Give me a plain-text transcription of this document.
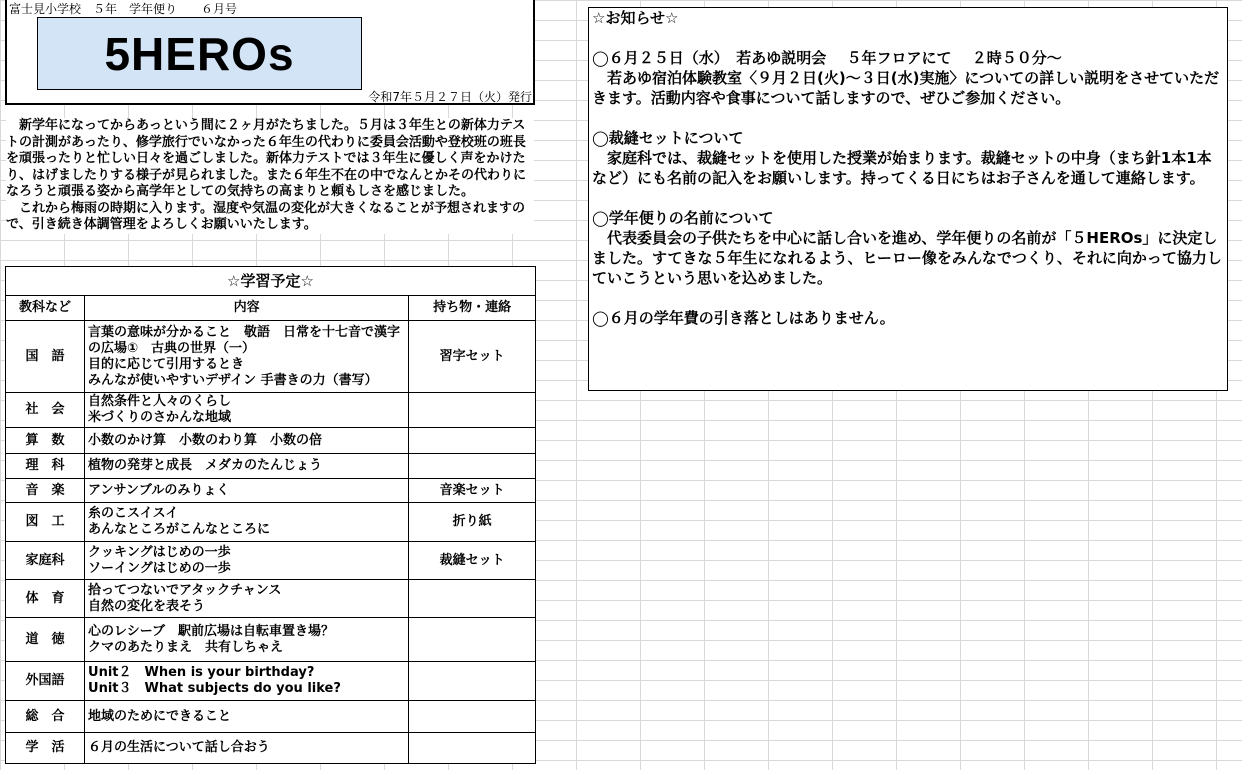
富士見小学校　５年　学年便り　　６月号
5HEROs
令和7年５月２７日（火）発行

新学年になってからあっという間に２ヶ月がたちました。５月は３年生との新体力テストの計測があったり、修学旅行でいなかった６年生の代わりに委員会活動や登校班の班長を頑張ったりと忙しい日々を過ごしました。新体力テストでは３年生に優しく声をかけたり、はげましたりする様子が見られました。また６年生不在の中でなんとかその代わりになろうと頑張る姿から高学年としての気持ちの高まりと頼もしさを感じました。

これから梅雨の時期に入ります。湿度や気温の変化が大きくなることが予想されますので、引き続き体調管理をよろしくお願いいたします。

☆学習予定☆		
教科など	内容	持ち物・連絡
国　語	言葉の意味が分かること　敬語　日常を十七音で漢字の広場①　古典の世界（一）
目的に応じて引用するとき
みんなが使いやすいデザイン 手書きの力（書写）	習字セット
社　会	自然条件と人々のくらし
米づくりのさかんな地域	

算　数	小数のかけ算　小数のわり算　小数の倍	
理　科	植物の発芽と成長　メダカのたんじょう	
音　楽	アンサンブルのみりょく	音楽セット
図　工	糸のこスイスイ
あんなところがこんなところに	折り紙
家庭科	クッキングはじめの一歩
ソーイングはじめの一歩	裁縫セット
体　育	拾ってつないでアタックチャンス
自然の変化を表そう	

道　徳	心のレシーブ　駅前広場は自転車置き場？
クマのあたりまえ　共有しちゃえ	

外国語	Unit２　When is your birthday?
Unit３　What subjects do you like?	

総　合	地域のためにできること	
学　活	６月の生活について話し合おう	

☆お知らせ☆

◯６月２５日（水）　若あゆ説明会　 ５年フロアにて　 ２時５０分～

若あゆ宿泊体験教室〈９月２日(火)～３日(水)実施〉についての詳しい説明をさせていただきます。活動内容や食事について話しますので、ぜひご参加ください。

◯裁縫セットについて

家庭科では、裁縫セットを使用した授業が始まります。裁縫セットの中身（まち針1本1本など）にも名前の記入をお願いします。持ってくる日にちはお子さんを通して連絡します。

◯学年便りの名前について

代表委員会の子供たちを中心に話し合いを進め、学年便りの名前が「５HEROs」に決定しました。すてきな５年生になれるよう、ヒーロー像をみんなでつくり、それに向かって協力していこうという思いを込めました。

◯６月の学年費の引き落としはありません。
